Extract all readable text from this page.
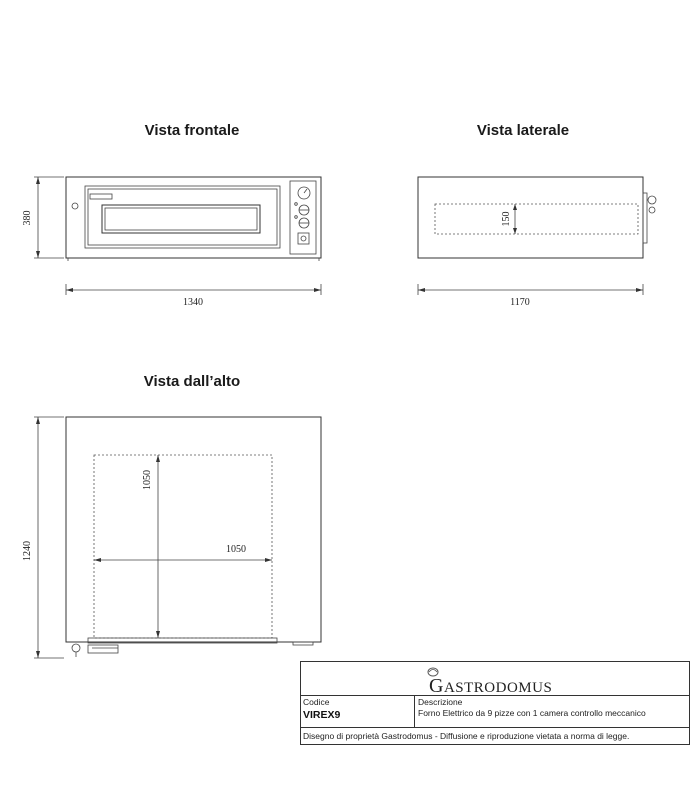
Vista frontale	Vista laterale
Vista dall’alto
380
1340
150
1170
1050
1050
1240
GASTRODOMUS
Codice
VIREX9
Descrizione
Forno Elettrico da 9 pizze con 1 camera controllo meccanico
Disegno di proprietà Gastrodomus - Diffusione e riproduzione vietata a norma di legge.
